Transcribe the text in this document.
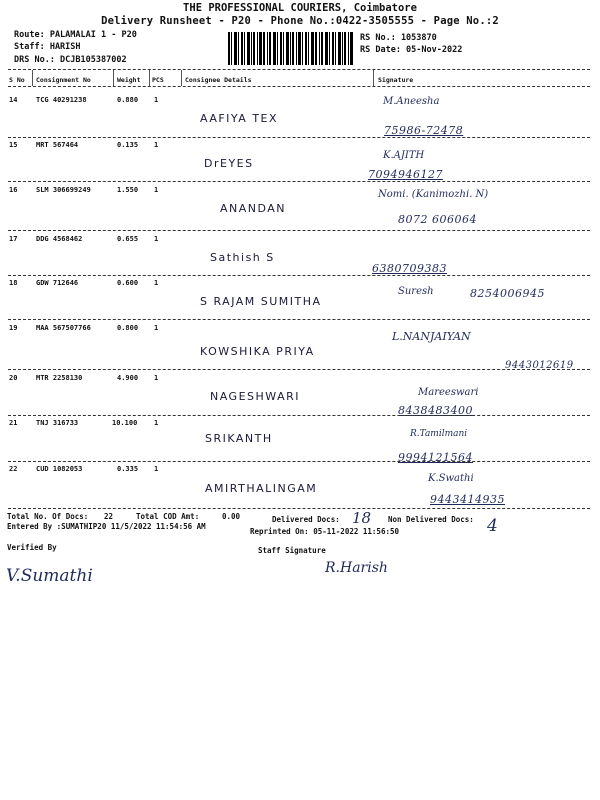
THE PROFESSIONAL COURIERS, Coimbatore
Delivery Runsheet - P20 - Phone No.:0422-3505555 - Page No.:2
Route: PALAMALAI 1 - P20
Staff: HARISH
DRS No.: DCJB105387002
RS No.: 1053870
RS Date: 05-Nov-2022
S No Consignment No	Weight PCS	Consignee Details	Signature
14	TCG 40291238	0.880 1
AAFIYA TEX
M.Aneesha
75986-72478
15	MRT 567464	0.135 1
DrEYES
K.AJITH
7094946127
16	SLM 306699249	1.550 1
ANANDAN
Nomi. (Kanimozhi. N)
8072 606064
17	DDG 4568462	0.655 1
Sathish S
6380709383
18	GDW 712646	0.600 1
S RAJAM SUMITHA
Suresh	8254006945
19	MAA 567507766	0.800 1
KOWSHIKA PRIYA
L.NANJAIYAN
9443012619
20	MTR 2258130	4.900 1
NAGESHWARI	Mareeswari
8438483400
21	TNJ 316733	10.100 1
SRIKANTH	R.Tamilmani
9994121564
22	CUD 1082053	0.335 1
AMIRTHALINGAM
K.Swathi
9443414935
Total No. Of Docs: 22	Total COD Amt:	0.00	Delivered Docs: 18 Non Delivered Docs: 4
Entered By :SUMATHIP20 11/5/2022 11:54:56 AM
Reprinted On: 05-11-2022 11:56:50
Verified By
V.Sumathi
Staff Signature
R.Harish
